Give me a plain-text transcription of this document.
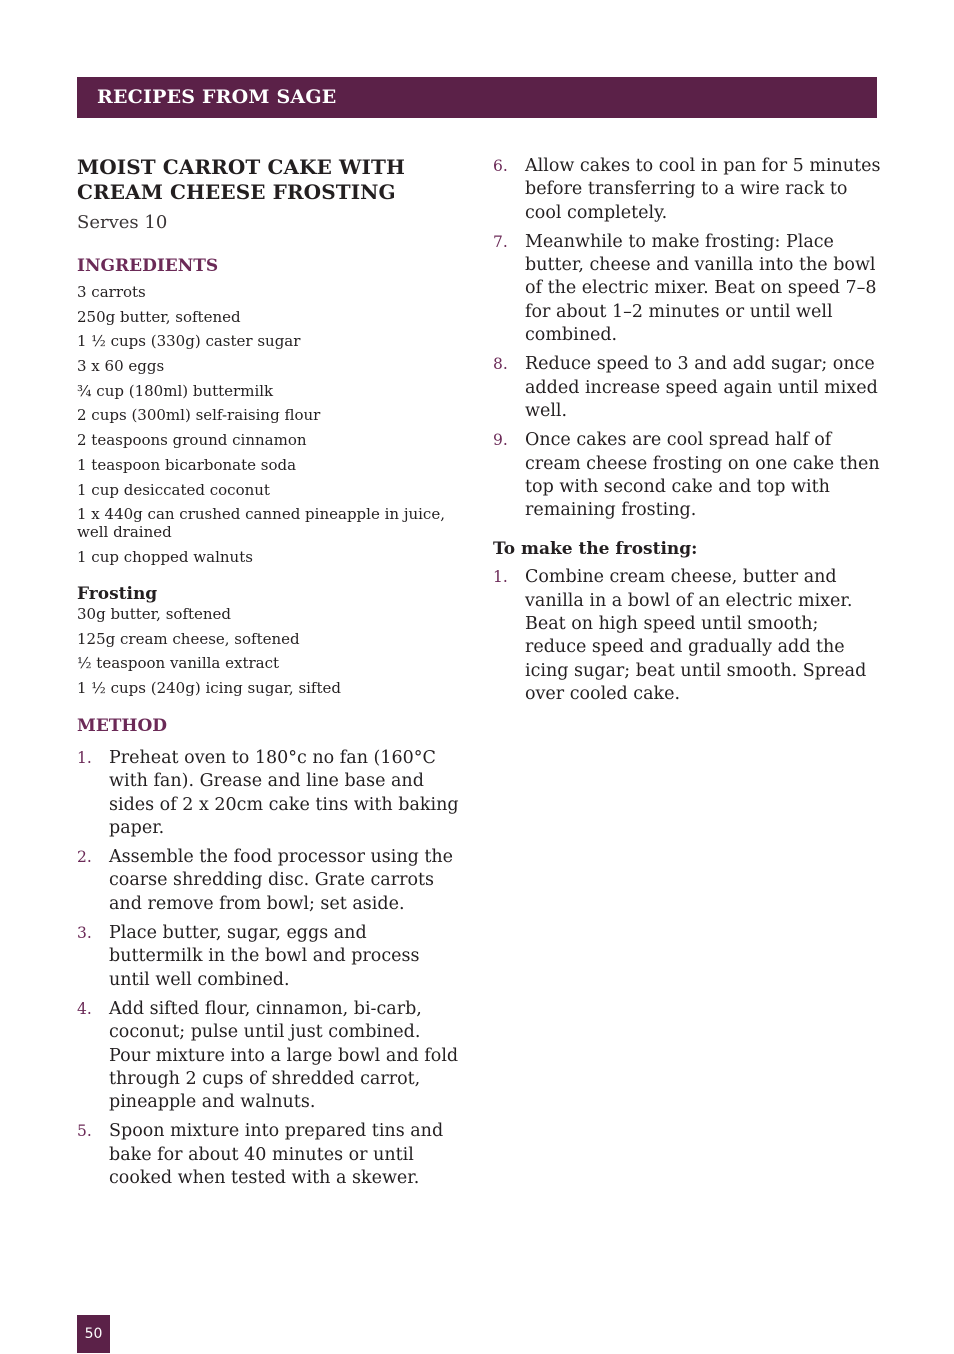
RECIPES FROM SAGE
MOIST CARROT CAKE WITH CREAM CHEESE FROSTING
Serves 10
INGREDIENTS
3 carrots
250g butter, softened
1 ½ cups (330g) caster sugar
3 x 60 eggs
¾ cup (180ml) buttermilk
2 cups (300ml) self-raising flour
2 teaspoons ground cinnamon
1 teaspoon bicarbonate soda
1 cup desiccated coconut
1 x 440g can crushed canned pineapple in juice, well drained
1 cup chopped walnuts
Frosting
30g butter, softened
125g cream cheese, softened
½ teaspoon vanilla extract
1 ½ cups (240g) icing sugar, sifted
METHOD
1. Preheat oven to 180°c no fan (160°C with fan). Grease and line base and sides of 2 x 20cm cake tins with baking paper.
2. Assemble the food processor using the coarse shredding disc. Grate carrots and remove from bowl; set aside.
3. Place butter, sugar, eggs and buttermilk in the bowl and process until well combined.
4. Add sifted flour, cinnamon, bi-carb, coconut; pulse until just combined. Pour mixture into a large bowl and fold through 2 cups of shredded carrot, pineapple and walnuts.
5. Spoon mixture into prepared tins and bake for about 40 minutes or until cooked when tested with a skewer.
6. Allow cakes to cool in pan for 5 minutes before transferring to a wire rack to cool completely.
7. Meanwhile to make frosting: Place butter, cheese and vanilla into the bowl of the electric mixer. Beat on speed 7–8 for about 1–2 minutes or until well combined.
8. Reduce speed to 3 and add sugar; once added increase speed again until mixed well.
9. Once cakes are cool spread half of cream cheese frosting on one cake then top with second cake and top with remaining frosting.
To make the frosting:
1. Combine cream cheese, butter and vanilla in a bowl of an electric mixer. Beat on high speed until smooth; reduce speed and gradually add the icing sugar; beat until smooth. Spread over cooled cake.
50
